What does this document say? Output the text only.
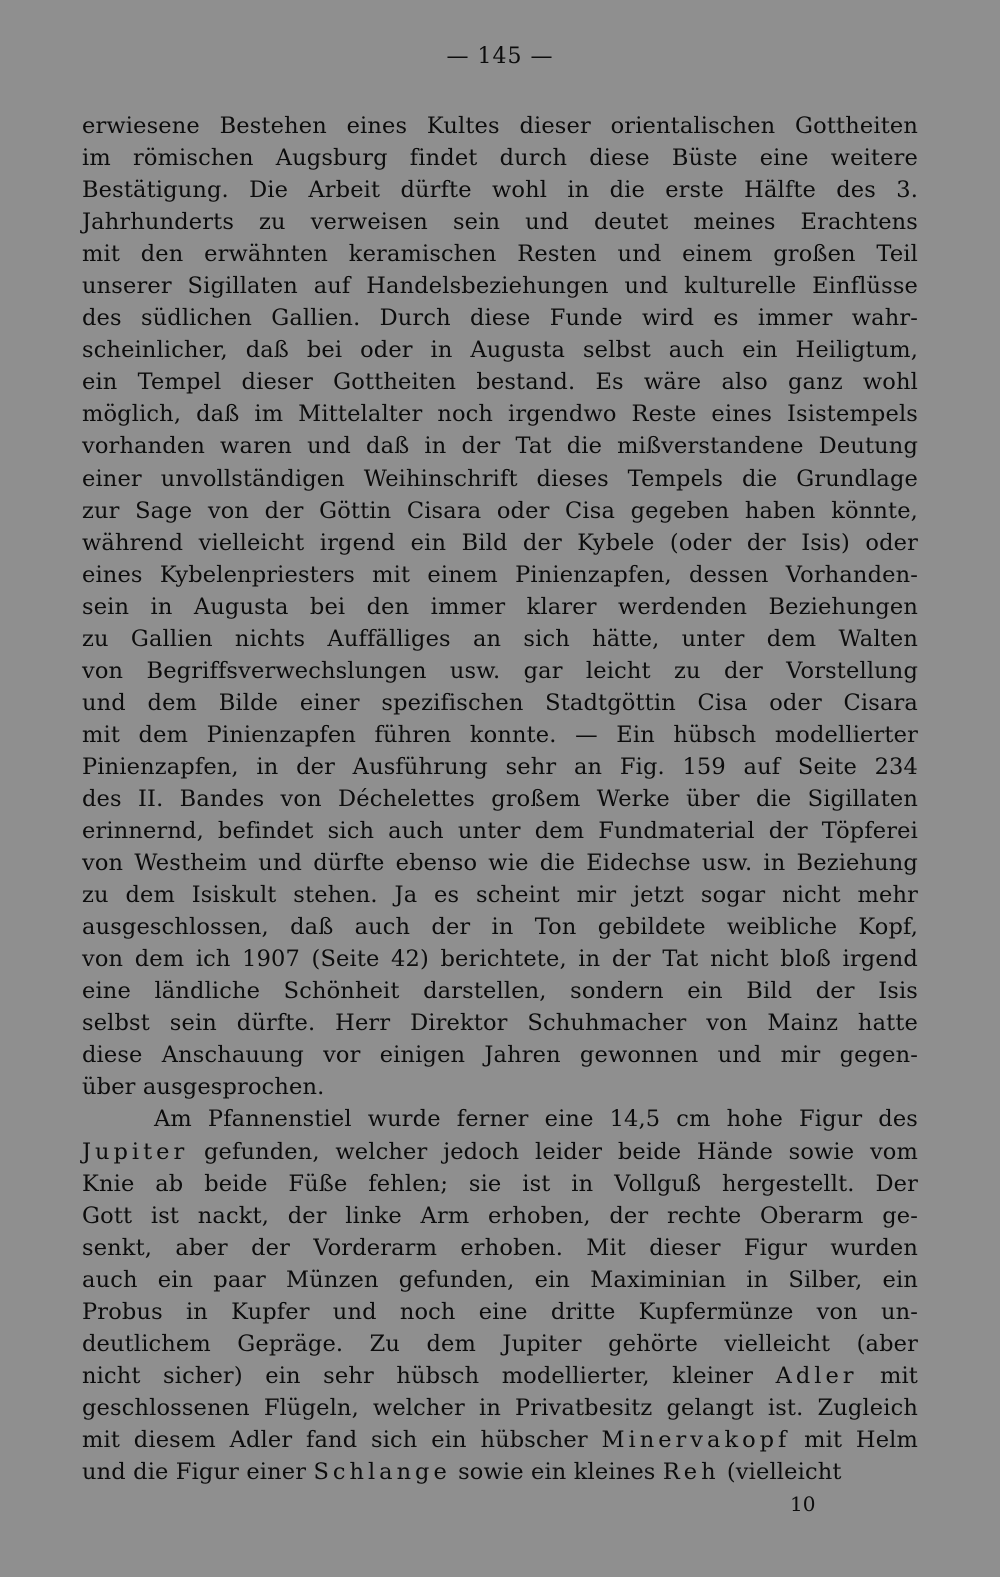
— 145 —
erwiesene Bestehen eines Kultes dieser orientalischen Gottheiten
im römischen Augsburg findet durch diese Büste eine weitere
Bestätigung. Die Arbeit dürfte wohl in die erste Hälfte des 3.
Jahrhunderts zu verweisen sein und deutet meines Erachtens
mit den erwähnten keramischen Resten und einem großen Teil
unserer Sigillaten auf Handelsbeziehungen und kulturelle Einflüsse
des südlichen Gallien. Durch diese Funde wird es immer wahr-
scheinlicher, daß bei oder in Augusta selbst auch ein Heiligtum,
ein Tempel dieser Gottheiten bestand. Es wäre also ganz wohl
möglich, daß im Mittelalter noch irgendwo Reste eines Isistempels
vorhanden waren und daß in der Tat die mißverstandene Deutung
einer unvollständigen Weihinschrift dieses Tempels die Grundlage
zur Sage von der Göttin Cisara oder Cisa gegeben haben könnte,
während vielleicht irgend ein Bild der Kybele (oder der Isis) oder
eines Kybelenpriesters mit einem Pinienzapfen, dessen Vorhanden-
sein in Augusta bei den immer klarer werdenden Beziehungen
zu Gallien nichts Auffälliges an sich hätte, unter dem Walten
von Begriffsverwechslungen usw. gar leicht zu der Vorstellung
und dem Bilde einer spezifischen Stadtgöttin Cisa oder Cisara
mit dem Pinienzapfen führen konnte. — Ein hübsch modellierter
Pinienzapfen, in der Ausführung sehr an Fig. 159 auf Seite 234
des II. Bandes von Déchelettes großem Werke über die Sigillaten
erinnernd, befindet sich auch unter dem Fundmaterial der Töpferei
von Westheim und dürfte ebenso wie die Eidechse usw. in Beziehung
zu dem Isiskult stehen. Ja es scheint mir jetzt sogar nicht mehr
ausgeschlossen, daß auch der in Ton gebildete weibliche Kopf,
von dem ich 1907 (Seite 42) berichtete, in der Tat nicht bloß irgend
eine ländliche Schönheit darstellen, sondern ein Bild der Isis
selbst sein dürfte. Herr Direktor Schuhmacher von Mainz hatte
diese Anschauung vor einigen Jahren gewonnen und mir gegen-
über ausgesprochen.
Am Pfannenstiel wurde ferner eine 14,5 cm hohe Figur des
Jupiter gefunden, welcher jedoch leider beide Hände sowie vom
Knie ab beide Füße fehlen; sie ist in Vollguß hergestellt. Der
Gott ist nackt, der linke Arm erhoben, der rechte Oberarm ge-
senkt, aber der Vorderarm erhoben. Mit dieser Figur wurden
auch ein paar Münzen gefunden, ein Maximinian in Silber, ein
Probus in Kupfer und noch eine dritte Kupfermünze von un-
deutlichem Gepräge. Zu dem Jupiter gehörte vielleicht (aber
nicht sicher) ein sehr hübsch modellierter, kleiner Adler mit
geschlossenen Flügeln, welcher in Privatbesitz gelangt ist. Zugleich
mit diesem Adler fand sich ein hübscher Minervakopf mit Helm
und die Figur einer Schlange sowie ein kleines Reh (vielleicht
10
